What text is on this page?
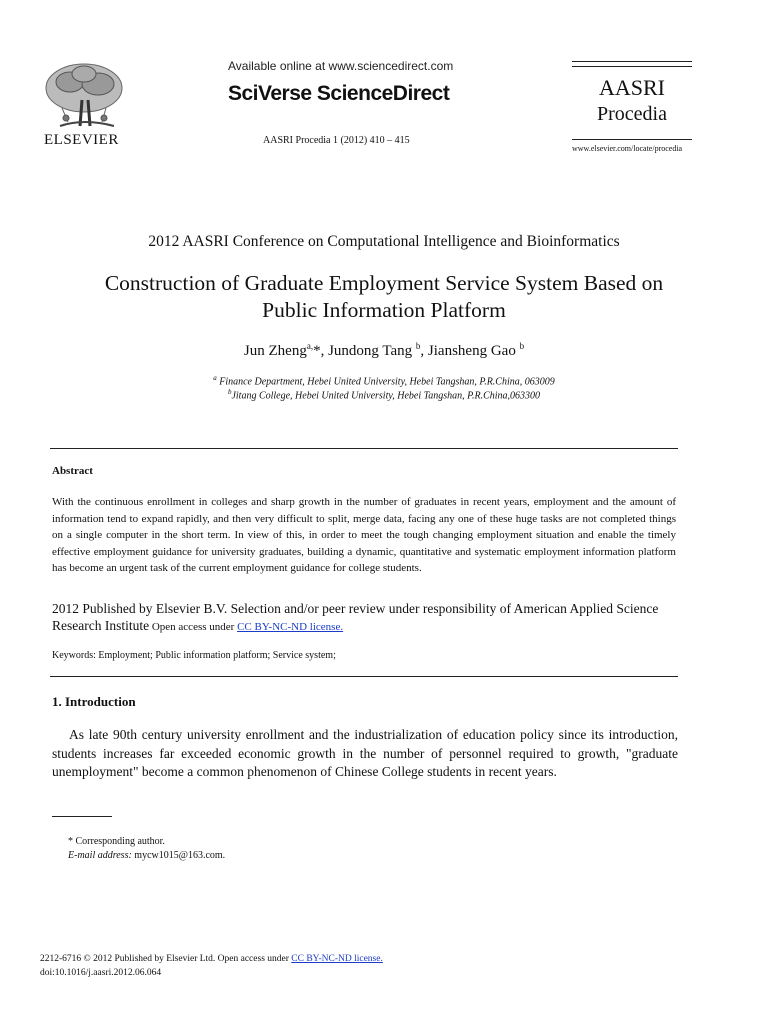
ELSEVIER
Available online at www.sciencedirect.com
SciVerse ScienceDirect
AASRI Procedia 1 (2012) 410 – 415
AASRI
Procedia
www.elsevier.com/locate/procedia
2012 AASRI Conference on Computational Intelligence and Bioinformatics
Construction of Graduate Employment Service System Based on
Public Information Platform
Jun Zheng$^{a,}$*, Jundong Tang $^b$, Jiansheng Gao $^b$
$^a$ Finance Department, Hebei United University, Hebei Tangshan, P.R.China, 063009
$^b$Jitang College, Hebei United University, Hebei Tangshan, P.R.China,063300
Abstract
With the continuous enrollment in colleges and sharp growth in the number of graduates in recent years, employment and the amount of information tend to expand rapidly, and then very difficult to split, merge data, facing any one of these huge tasks are not completed things on a single computer in the short term. In view of this, in order to meet the tough changing employment situation and enable the timely effective employment guidance for university graduates, building a dynamic, quantitative and systematic employment information platform has become an urgent task of the current employment guidance for college students.
2012 Published by Elsevier B.V. Selection and/or peer review under responsibility of American Applied Science Research Institute Open access under CC BY-NC-ND license.
Keywords: Employment; Public information platform; Service system;
1. Introduction
As late 90th century university enrollment and the industrialization of education policy since its introduction, students increases far exceeded economic growth in the number of personnel required to growth, "graduate unemployment" become a common phenomenon of Chinese College students in recent years.
* Corresponding author.
E-mail address: mycw1015@163.com.
2212-6716 © 2012 Published by Elsevier Ltd. Open access under CC BY-NC-ND license.
doi:10.1016/j.aasri.2012.06.064
